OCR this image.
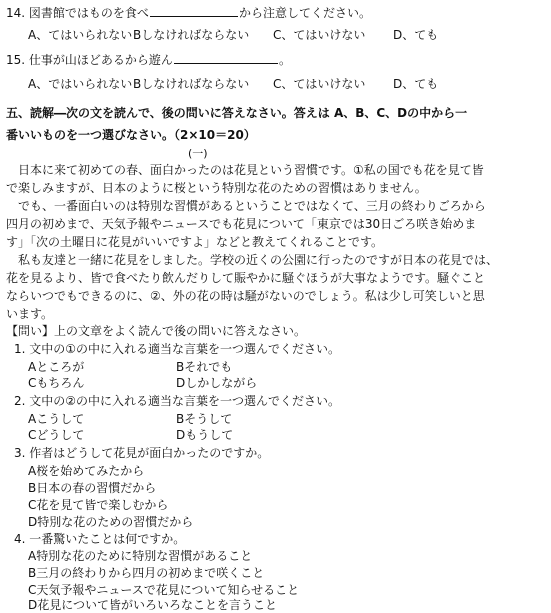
14. 図書館ではものを食べ	から注意してください。
A、てはいられないBしなければならない C、てはいけない D、ても
15. 仕事が山ほどあるから遊ん	。
A、ではいられないBしなければならない C、てはいけない D、ても
五、読解―次の文を読んで、後の問いに答えなさい。答えは A、B、C、Dの中から一
番いいものを一つ選びなさい。（2×10＝20）
(一)
日本に来て初めての春、面白かったのは花見という習慣です。①私の国でも花を見て皆
で楽しみますが、日本のように桜という特別な花のための習慣はありません。
でも、一番面白いのは特別な習慣があるということではなくて、三月の終わりごろから
四月の初めまで、天気予報やニュースでも花見について「東京では30日ごろ咲き始めま
す」「次の土曜日に花見がいいですよ」などと教えてくれることです。
私も友達と一緒に花見をしました。学校の近くの公園に行ったのですが日本の花見では、
花を見るより、皆で食べたり飲んだりして賑やかに騒ぐほうが大事なようです。騒ぐこと
ならいつでもできるのに、②、外の花の時は騒がないのでしょう。私は少し可笑しいと思
います。
【問い】上の文章をよく読んで後の問いに答えなさい。
1. 文中の①の中に入れる適当な言葉を一つ選んでください。
Aところが	Bそれでも
Cもちろん	Dしかしながら
2. 文中の②の中に入れる適当な言葉を一つ選んでください。
Aこうして	Bそうして
Cどうして	Dもうして
3. 作者はどうして花見が面白かったのですか。
A桜を始めてみたから
B日本の春の習慣だから
C花を見て皆で楽しむから
D特別な花のための習慣だから
4. 一番驚いたことは何ですか。
A特別な花のために特別な習慣があること
B三月の終わりから四月の初めまで咲くこと
C天気予報やニュースで花見について知らせること
D花見について皆がいろいろなことを言うこと
